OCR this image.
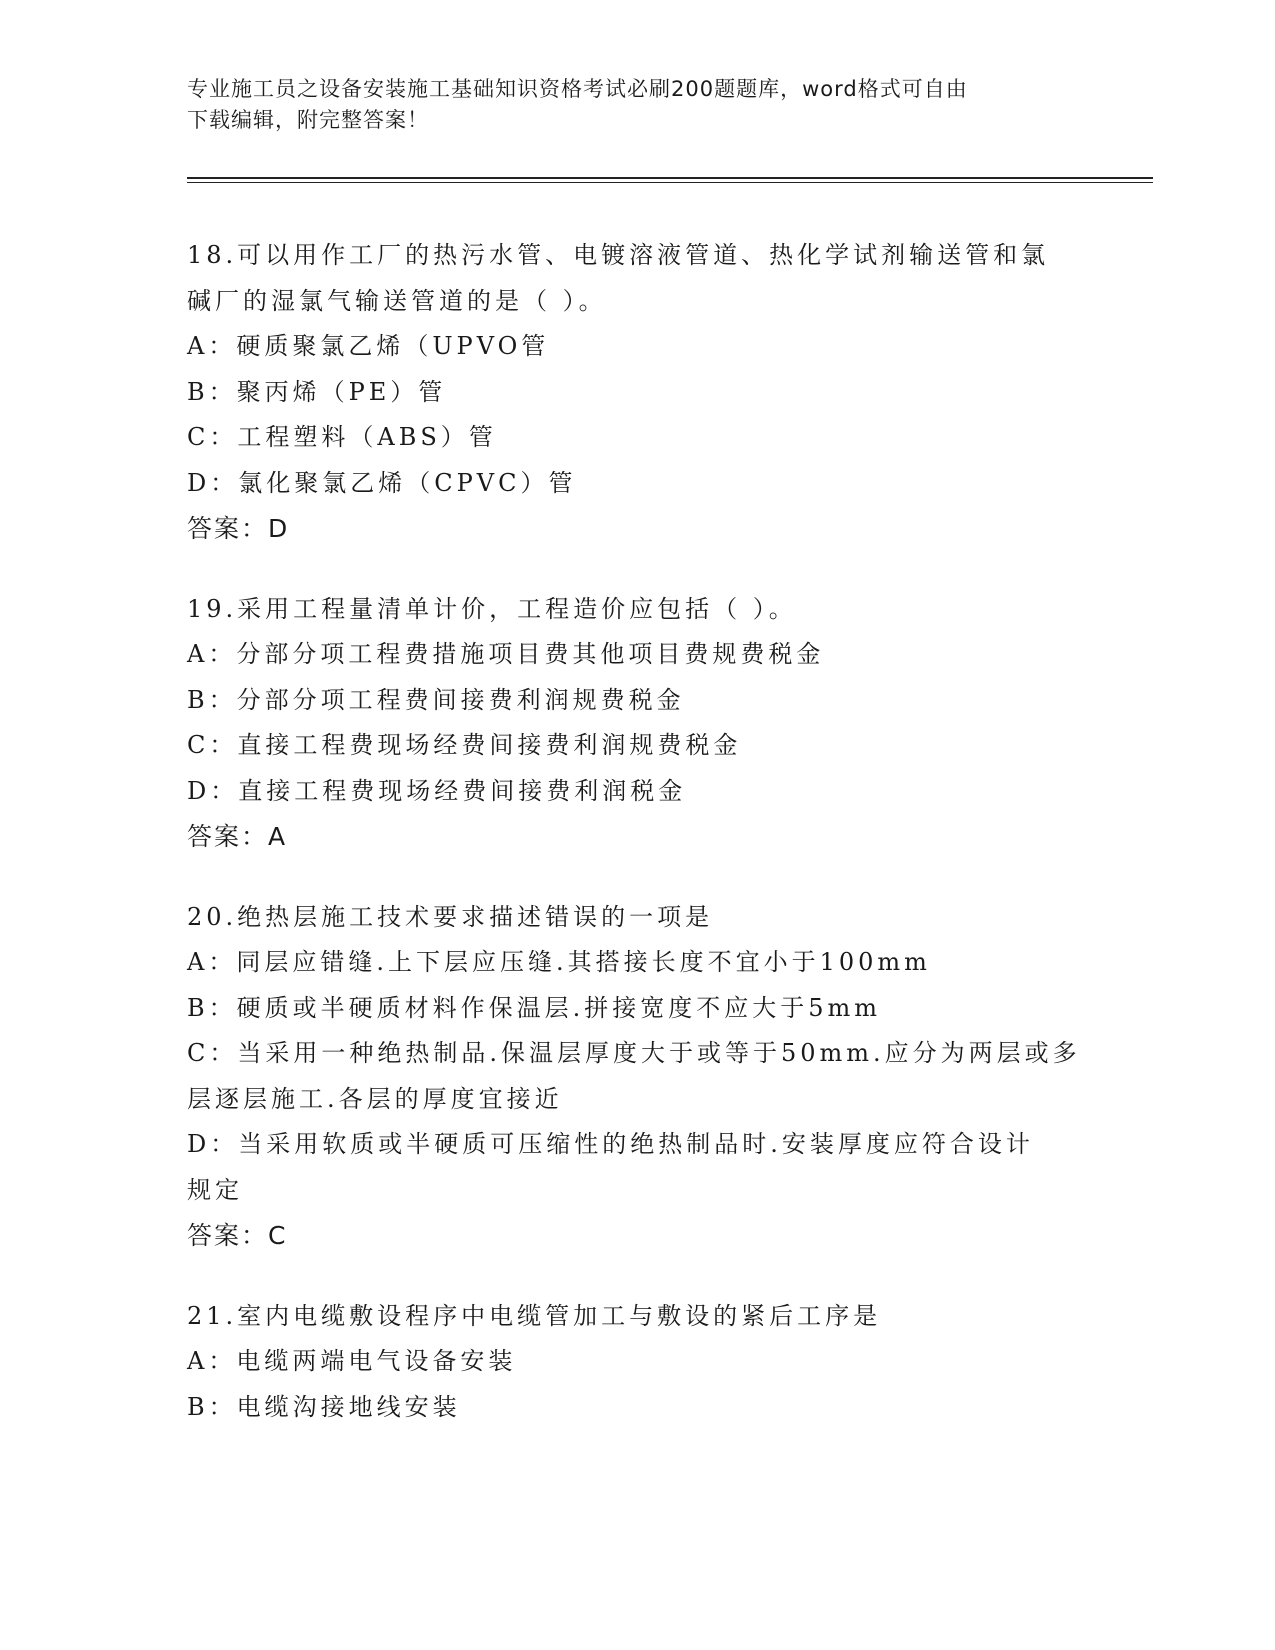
专业施工员之设备安装施工基础知识资格考试必刷200题题库，word格式可自由
下载编辑，附完整答案！
18.可以用作工厂的热污水管、电镀溶液管道、热化学试剂输送管和氯
碱厂的湿氯气输送管道的是（ ）。
A：硬质聚氯乙烯（UPVO管
B：聚丙烯（PE）管
C：工程塑料（ABS）管
D：氯化聚氯乙烯（CPVC）管
答案：D
19.采用工程量清单计价，工程造价应包括（ ）。
A：分部分项工程费措施项目费其他项目费规费税金
B：分部分项工程费间接费利润规费税金
C：直接工程费现场经费间接费利润规费税金
D：直接工程费现场经费间接费利润税金
答案：A
20.绝热层施工技术要求描述错误的一项是
A：同层应错缝.上下层应压缝.其搭接长度不宜小于100mm
B：硬质或半硬质材料作保温层.拼接宽度不应大于5mm
C：当采用一种绝热制品.保温层厚度大于或等于50mm.应分为两层或多
层逐层施工.各层的厚度宜接近
D：当采用软质或半硬质可压缩性的绝热制品时.安装厚度应符合设计
规定
答案：C
21.室内电缆敷设程序中电缆管加工与敷设的紧后工序是
A：电缆两端电气设备安装
B：电缆沟接地线安装
